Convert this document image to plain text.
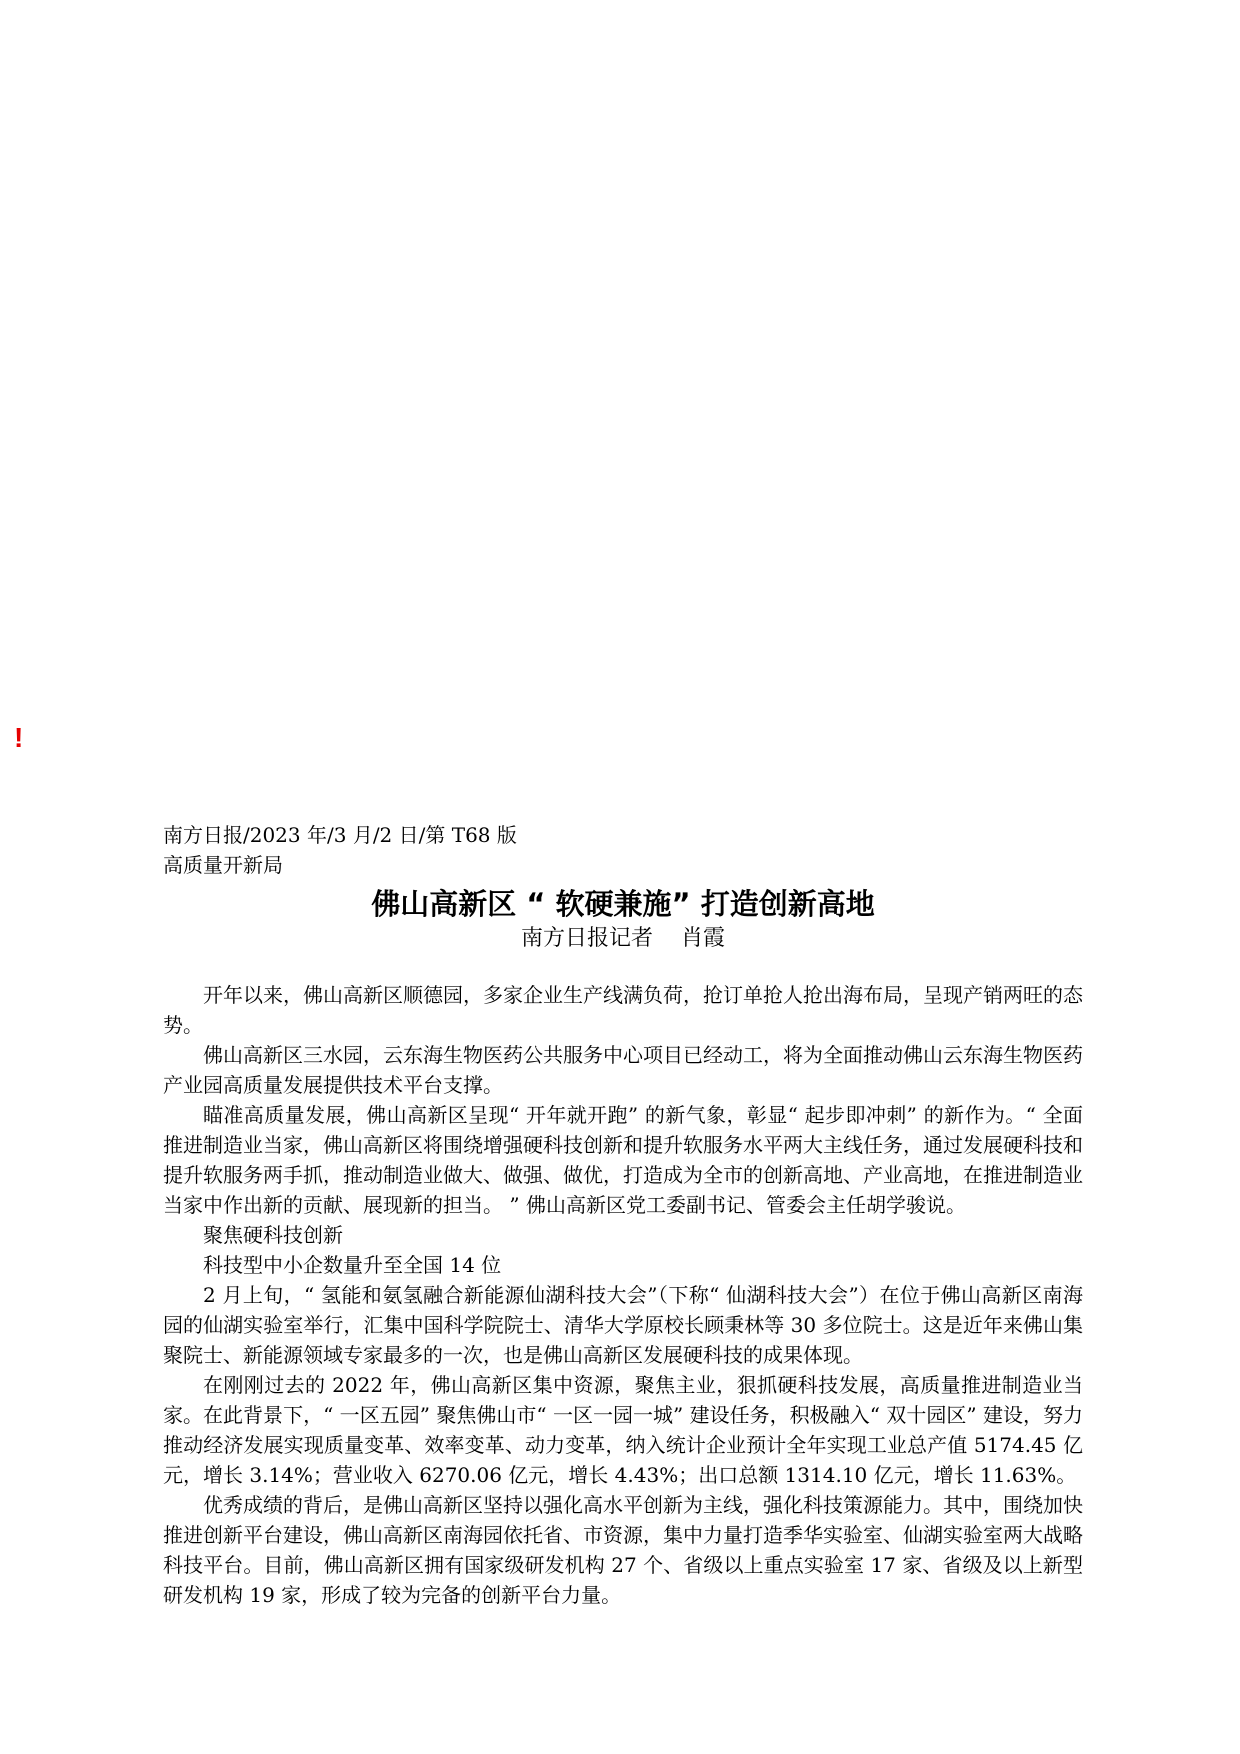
!
南方日报/2023 年/3 月/2 日/第 T68 版高质量开新局
佛山高新区 “ 软硬兼施” 打造创新高地
南方日报记者    肖霞

开年以来，佛山高新区顺德园，多家企业生产线满负荷，抢订单抢人抢出海布局，呈现产销两旺的态势。

佛山高新区三水园，云东海生物医药公共服务中心项目已经动工，将为全面推动佛山云东海生物医药产业园高质量发展提供技术平台支撑。

瞄准高质量发展，佛山高新区呈现“ 开年就开跑” 的新气象，彰显“ 起步即冲刺” 的新作为。“ 全面推进制造业当家，佛山高新区将围绕增强硬科技创新和提升软服务水平两大主线任务，通过发展硬科技和提升软服务两手抓，推动制造业做大、做强、做优，打造成为全市的创新高地、产业高地，在推进制造业当家中作出新的贡献、展现新的担当。 ” 佛山高新区党工委副书记、管委会主任胡学骏说。

聚焦硬科技创新

科技型中小企数量升至全国 14 位

2 月上旬，“ 氢能和氨氢融合新能源仙湖科技大会”（下称“ 仙湖科技大会”）在位于佛山高新区南海园的仙湖实验室举行，汇集中国科学院院士、清华大学原校长顾秉林等 30 多位院士。这是近年来佛山集聚院士、新能源领域专家最多的一次，也是佛山高新区发展硬科技的成果体现。

在刚刚过去的 2022 年，佛山高新区集中资源，聚焦主业，狠抓硬科技发展，高质量推进制造业当家。在此背景下，“ 一区五园” 聚焦佛山市“ 一区一园一城” 建设任务，积极融入“ 双十园区” 建设，努力推动经济发展实现质量变革、效率变革、动力变革，纳入统计企业预计全年实现工业总产值 5174.45 亿元，增长 3.14%；营业收入 6270.06 亿元，增长 4.43%；出口总额 1314.10 亿元，增长 11.63%。

优秀成绩的背后，是佛山高新区坚持以强化高水平创新为主线，强化科技策源能力。其中，围绕加快推进创新平台建设，佛山高新区南海园依托省、市资源，集中力量打造季华实验室、仙湖实验室两大战略科技平台。目前，佛山高新区拥有国家级研发机构 27 个、省级以上重点实验室 17 家、省级及以上新型研发机构 19 家，形成了较为完备的创新平台力量。
